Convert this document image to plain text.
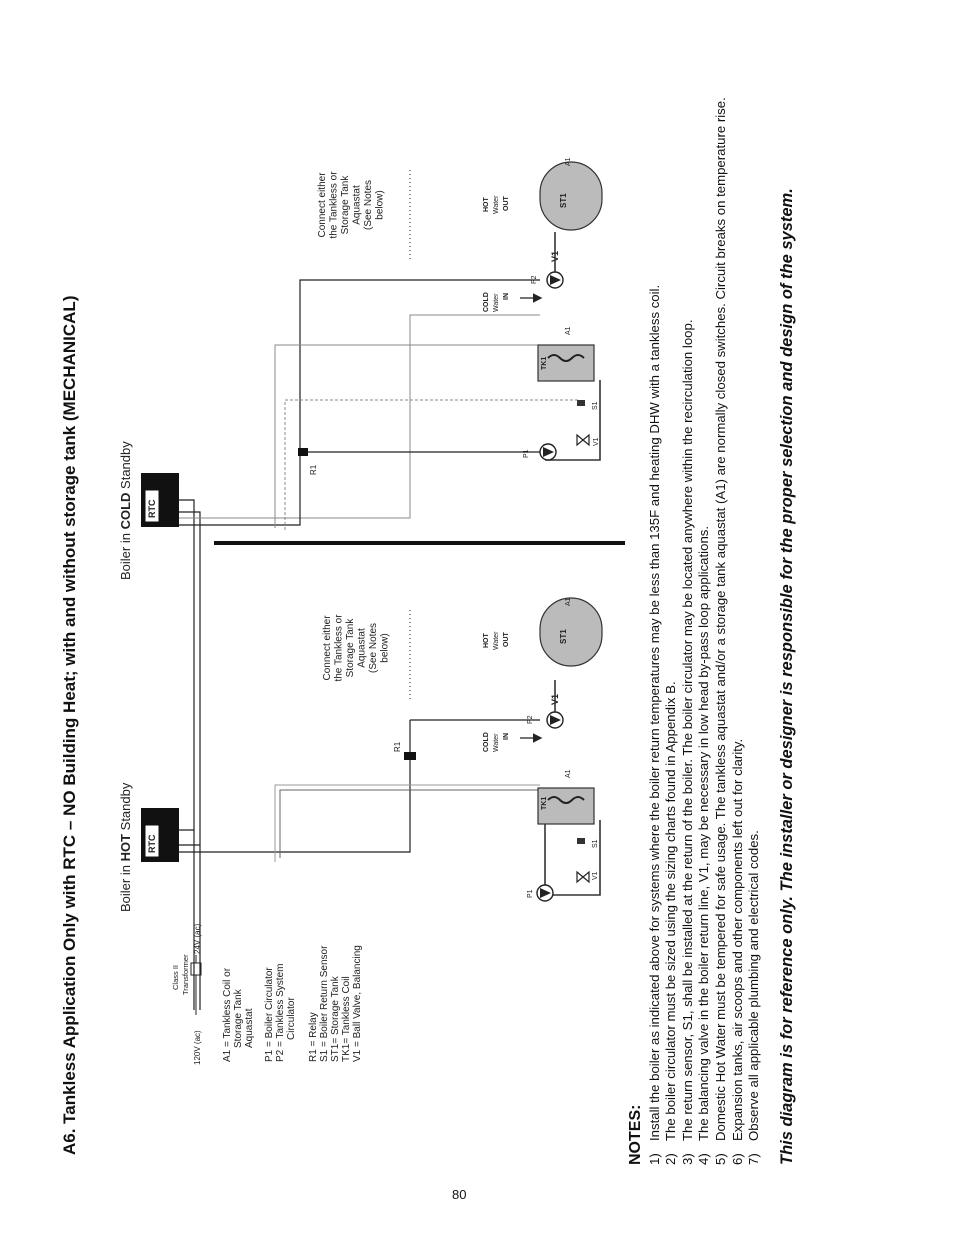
A6. Tankless Application Only with RTC – NO Building Heat; with and without storage tank (MECHANICAL)	120V (ac)
Class II Transformer
24V (ac)
A1 = Tankless Coil or Storage Tank Aquastat P1 = Boiler Circulator P2 = Tankless System Circulator R1 = Relay S1 = Boiler Return Sensor ST1= Storage Tank TK1= Tankless Coil V1 = Ball Valve, Balancing
Boiler in HOT Standby
RTC
R1
P1
V1
S1
TK1
A1
COLD Water IN
P2
V1
ST1
A1
HOT Water OUT
Connect either the Tankless or Storage Tank Aquastat (See Notes below)
Boiler in COLD Standby
RTC
R1
P1
V1
S1
TK1
A1
COLD Water IN
P2
V1
ST1
A1
HOT Water OUT
Connect either the Tankless or Storage Tank Aquastat (See Notes below)
NOTES: 1)
Install the boiler as indicated above for systems where the boiler return temperatures may be less than 135F and heating DHW with a tankless coil.
2)
The boiler circulator must be sized using the sizing charts found in Appendix B.
3)
The return sensor, S1, shall be installed at the return of the boiler. The boiler circulator may be located anywhere within the recirculation loop.
4)
The balancing valve in the boiler return line, V1, may be necessary in low head by-pass loop applications.
5)
Domestic Hot Water must be tempered for safe usage. The tankless aquastat and/or a storage tank aquastat (A1) are normally closed switches. Circuit breaks on temperature rise.
6)
Expansion tanks, air scoops and other components left out for clarity.
7)
Observe all applicable plumbing and electrical codes.	This diagram is for reference only. The installer or designer is responsible for the proper selection and design of the system.
80
